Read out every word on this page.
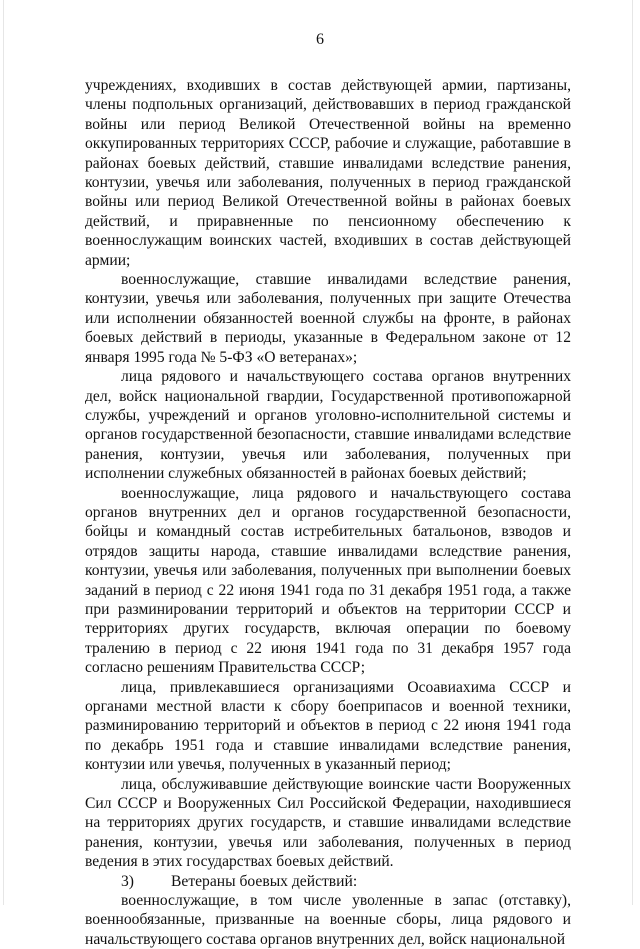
6

учреждениях, входивших в состав действующей армии, партизаны, члены подпольных организаций, действовавших в период гражданской войны или период Великой Отечественной войны на временно оккупированных территориях СССР, рабочие и служащие, работавшие в районах боевых действий, ставшие инвалидами вследствие ранения, контузии, увечья или заболевания, полученных в период гражданской войны или период Великой Отечественной войны в районах боевых действий, и приравненные по пенсионному обеспечению к военнослужащим воинских частей, входивших в состав действующей армии;

военнослужащие, ставшие инвалидами вследствие ранения, контузии, увечья или заболевания, полученных при защите Отечества или исполнении обязанностей военной службы на фронте, в районах боевых действий в периоды, указанные в Федеральном законе от 12 января 1995 года № 5-ФЗ «О ветеранах»;

лица рядового и начальствующего состава органов внутренних дел, войск национальной гвардии, Государственной противопожарной службы, учреждений и органов уголовно-исполнительной системы и органов государственной безопасности, ставшие инвалидами вследствие ранения, контузии, увечья или заболевания, полученных при исполнении служебных обязанностей в районах боевых действий;

военнослужащие, лица рядового и начальствующего состава органов внутренних дел и органов государственной безопасности, бойцы и командный состав истребительных батальонов, взводов и отрядов защиты народа, ставшие инвалидами вследствие ранения, контузии, увечья или заболевания, полученных при выполнении боевых заданий в период с 22 июня 1941 года по 31 декабря 1951 года, а также при разминировании территорий и объектов на территории СССР и территориях других государств, включая операции по боевому тралению в период с 22 июня 1941 года по 31 декабря 1957 года согласно решениям Правительства СССР;

лица, привлекавшиеся организациями Осоавиахима СССР и органами местной власти к сбору боеприпасов и военной техники, разминированию территорий и объектов в период с 22 июня 1941 года по декабрь 1951 года и ставшие инвалидами вследствие ранения, контузии или увечья, полученных в указанный период;

лица, обслуживавшие действующие воинские части Вооруженных Сил СССР и Вооруженных Сил Российской Федерации, находившиеся на территориях других государств, и ставшие инвалидами вследствие ранения, контузии, увечья или заболевания, полученных в период ведения в этих государствах боевых действий.

3) Ветераны боевых действий:

военнослужащие, в том числе уволенные в запас (отставку), военнообязанные, призванные на военные сборы, лица рядового и начальствующего состава органов внутренних дел, войск национальной
